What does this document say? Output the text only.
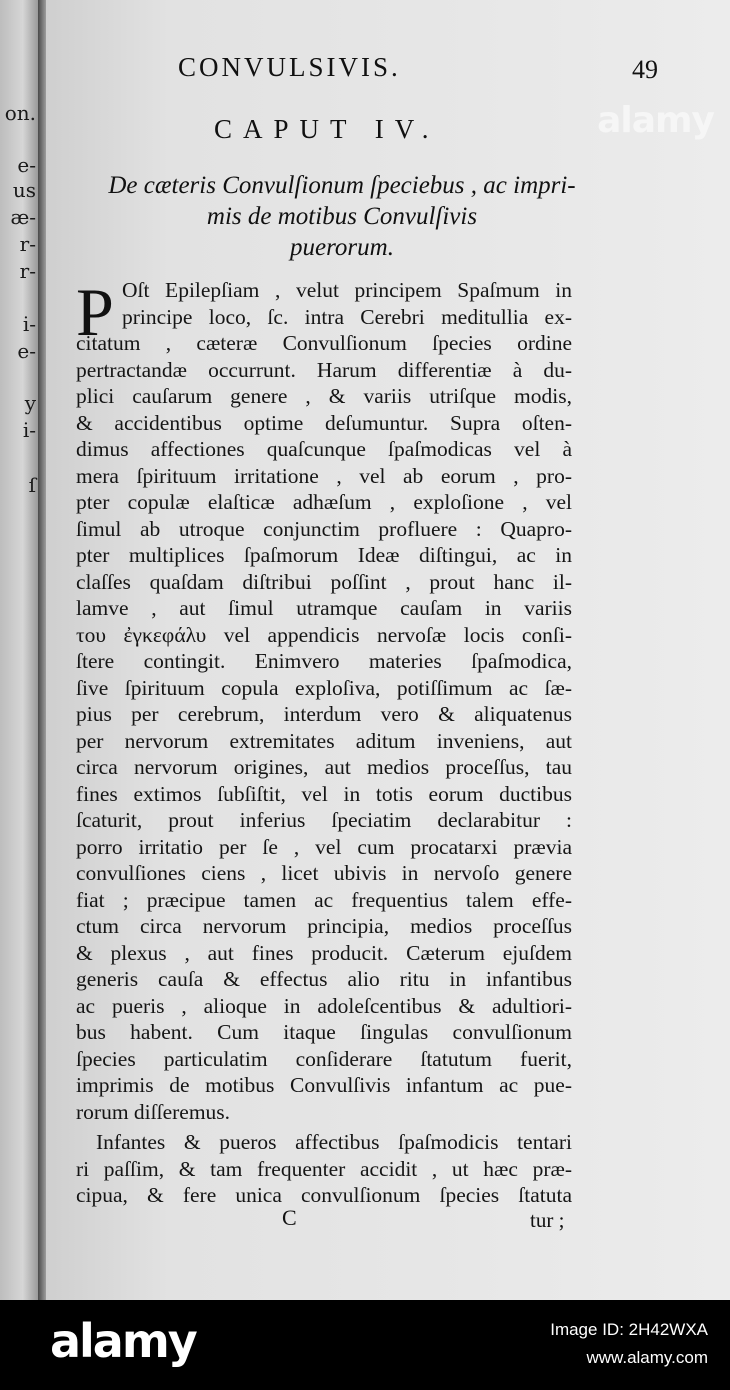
on.
e-
us
æ-
r-
r-
i-
e-
y
i-
ſ
alamy
CONVULSIVIS.	49
CAPUT IV.
De cæteris Convulſionum ſpeciebus , ac impri-
mis de motibus Convulſivis
puerorum.
P Oſt Epilepſiam , velut principem Spaſmum in
principe loco, ſc. intra Cerebri meditullia ex-
citatum , cæteræ Convulſionum ſpecies ordine
pertractandæ occurrunt. Harum differentiæ à du-
plici cauſarum genere , & variis utriſque modis,
& accidentibus optime deſumuntur. Supra oſten-
dimus affectiones quaſcunque ſpaſmodicas vel à
mera ſpirituum irritatione , vel ab eorum , pro-
pter copulæ elaſticæ adhæſum , exploſione , vel
ſimul ab utroque conjunctim profluere : Quapro-
pter multiplices ſpaſmorum Ideæ diſtingui, ac in
claſſes quaſdam diſtribui poſſint , prout hanc il-
lamve , aut ſimul utramque cauſam in variis
του ἐγκεφάλυ vel appendicis nervoſæ locis conſi-
ſtere contingit. Enimvero materies ſpaſmodica,
ſive ſpirituum copula exploſiva, potiſſimum ac ſæ-
pius per cerebrum, interdum vero & aliquatenus
per nervorum extremitates aditum inveniens, aut
circa nervorum origines, aut medios proceſſus, tau
fines extimos ſubſiſtit, vel in totis eorum ductibus
ſcaturit, prout inferius ſpeciatim declarabitur :
porro irritatio per ſe , vel cum procatarxi prævia
convulſiones ciens , licet ubivis in nervoſo genere
fiat ; præcipue tamen ac frequentius talem effe-
ctum circa nervorum principia, medios proceſſus
& plexus , aut fines producit. Cæterum ejuſdem
generis cauſa & effectus alio ritu in infantibus
ac pueris , alioque in adoleſcentibus & adultiori-
bus habent. Cum itaque ſingulas convulſionum
ſpecies particulatim conſiderare ſtatutum fuerit,
imprimis de motibus Convulſivis infantum ac pue-
rorum diſſeremus.
Infantes & pueros affectibus ſpaſmodicis tentari
ri paſſim, & tam frequenter accidit , ut hæc præ-
cipua, & fere unica convulſionum ſpecies ſtatuta
C	tur ;
alamy	Image ID: 2H42WXA
www.alamy.com
